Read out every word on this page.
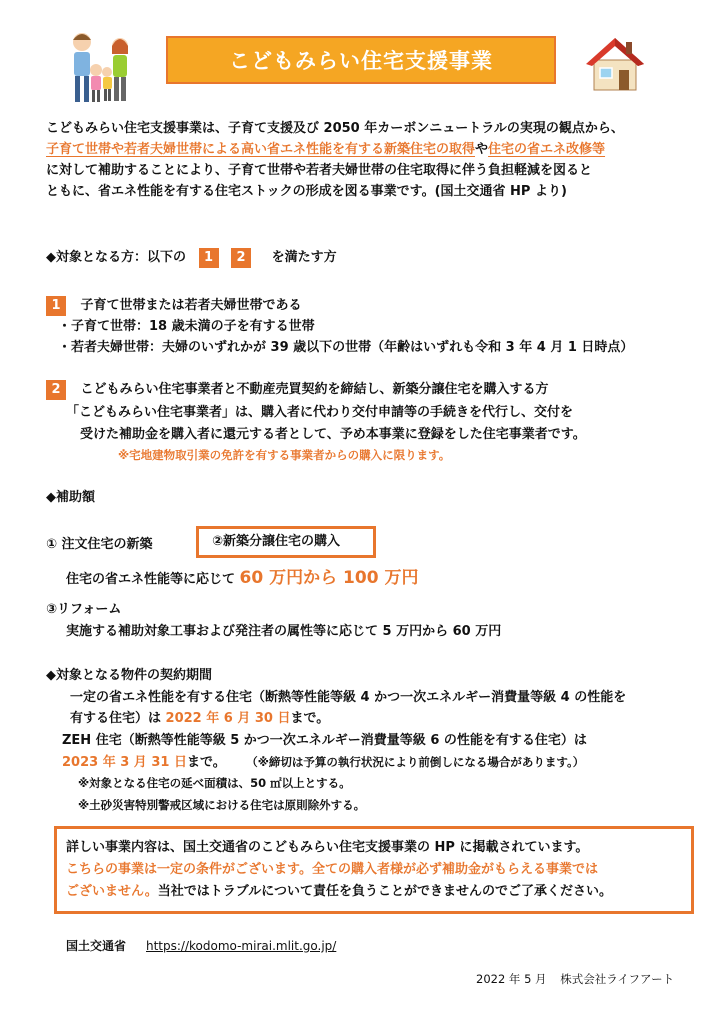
こどもみらい住宅支援事業
こどもみらい住宅支援事業は、子育て支援及び 2050 年カーボンニュートラルの実現の観点から、
子育て世帯や若者夫婦世帯による高い省エネ性能を有する新築住宅の取得や住宅の省エネ改修等
に対して補助することにより、子育て世帯や若者夫婦世帯の住宅取得に伴う負担軽減を図ると
ともに、省エネ性能を有する住宅ストックの形成を図る事業です。(国土交通省 HP より)
◆対象となる方：以下の 1 2 を満たす方
1 子育て世帯または若者夫婦世帯である
・子育て世帯：18 歳未満の子を有する世帯
・若者夫婦世帯：夫婦のいずれかが 39 歳以下の世帯（年齢はいずれも令和 3 年 4 月 1 日時点）
2 こどもみらい住宅事業者と不動産売買契約を締結し、新築分譲住宅を購入する方
「こどもみらい住宅事業者」は、購入者に代わり交付申請等の手続きを代行し、交付を
受けた補助金を購入者に還元する者として、予め本事業に登録をした住宅事業者です。
※宅地建物取引業の免許を有する事業者からの購入に限ります。
◆補助額
① 注文住宅の新築	②新築分譲住宅の購入
住宅の省エネ性能等に応じて 60 万円から 100 万円
③リフォーム
実施する補助対象工事および発注者の属性等に応じて 5 万円から 60 万円
◆対象となる物件の契約期間
一定の省エネ性能を有する住宅（断熱等性能等級 4 かつ一次エネルギー消費量等級 4 の性能を
有する住宅）は 2022 年 6 月 30 日まで。
ZEH 住宅（断熱等性能等級 5 かつ一次エネルギー消費量等級 6 の性能を有する住宅）は
2023 年 3 月 31 日まで。 （※締切は予算の執行状況により前倒しになる場合があります。）
※対象となる住宅の延べ面積は、50 ㎡以上とする。
※土砂災害特別警戒区域における住宅は原則除外する。
詳しい事業内容は、国土交通省のこどもみらい住宅支援事業の HP に掲載されています。
こちらの事業は一定の条件がございます。全ての購入者様が必ず補助金がもらえる事業では
ございません。当社ではトラブルについて責任を負うことができませんのでご了承ください。
国土交通省 https://kodomo-mirai.mlit.go.jp/
2022 年 5 月 株式会社ライフアート
